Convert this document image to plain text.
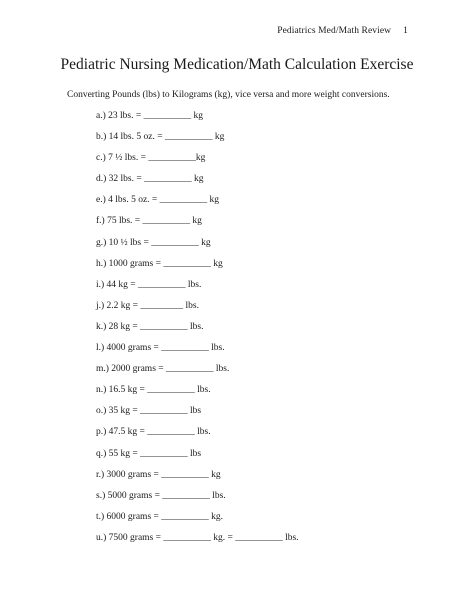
Pediatrics Med/Math Review 1
Pediatric Nursing Medication/Math Calculation Exercise
Converting Pounds (lbs) to Kilograms (kg), vice versa and more weight conversions.
a.) 23 lbs. = __________ kg
b.) 14 lbs. 5 oz. = __________ kg
c.) 7 ½ lbs. = __________kg
d.) 32 lbs. = __________ kg
e.) 4 lbs. 5 oz. = __________ kg
f.) 75 lbs. = __________ kg
g.) 10 ½ lbs = __________ kg
h.) 1000 grams = __________ kg
i.) 44 kg = __________ lbs.
j.) 2.2 kg = _________ lbs.
k.) 28 kg = __________ lbs.
l.) 4000 grams = __________ lbs.
m.) 2000 grams = __________ lbs.
n.) 16.5 kg = __________ lbs.
o.) 35 kg = __________ lbs
p.) 47.5 kg = __________ lbs.
q.) 55 kg = __________ lbs
r.) 3000 grams = __________ kg
s.) 5000 grams = __________ lbs.
t.) 6000 grams = __________ kg.
u.) 7500 grams = __________ kg. = __________ lbs.
